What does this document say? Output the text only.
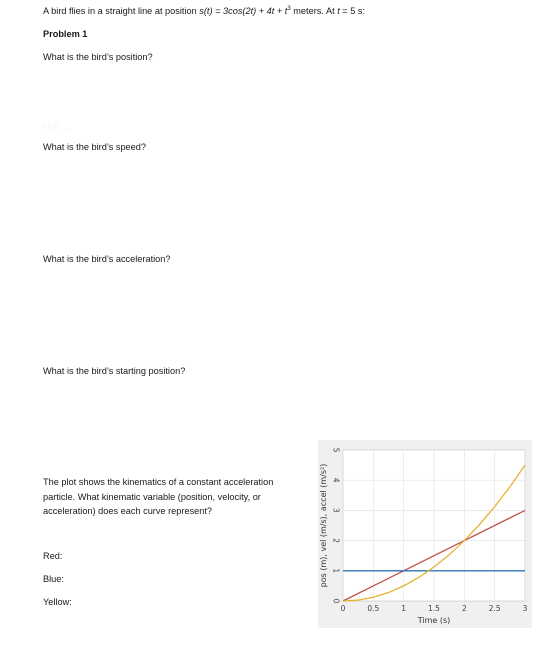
A bird flies in a straight line at position $s(t) = 3\cos(2t) + 4t + t^3$ meters. At t = 5 s:
Problem 1
What is the bird’s position?
Hint: ...
What is the bird’s speed?
What is the bird’s acceleration?
What is the bird’s starting position?
The plot shows the kinematics of a constant acceleration particle. What kinematic variable (position, velocity, or acceleration) does each curve represent?
Red:
Blue:
Yellow:
0	0.5	1	1.5	2	2.5	3
0
1
2
3
4
5
Time (s)
pos (m), vel (m/s), accel (m/s²)
